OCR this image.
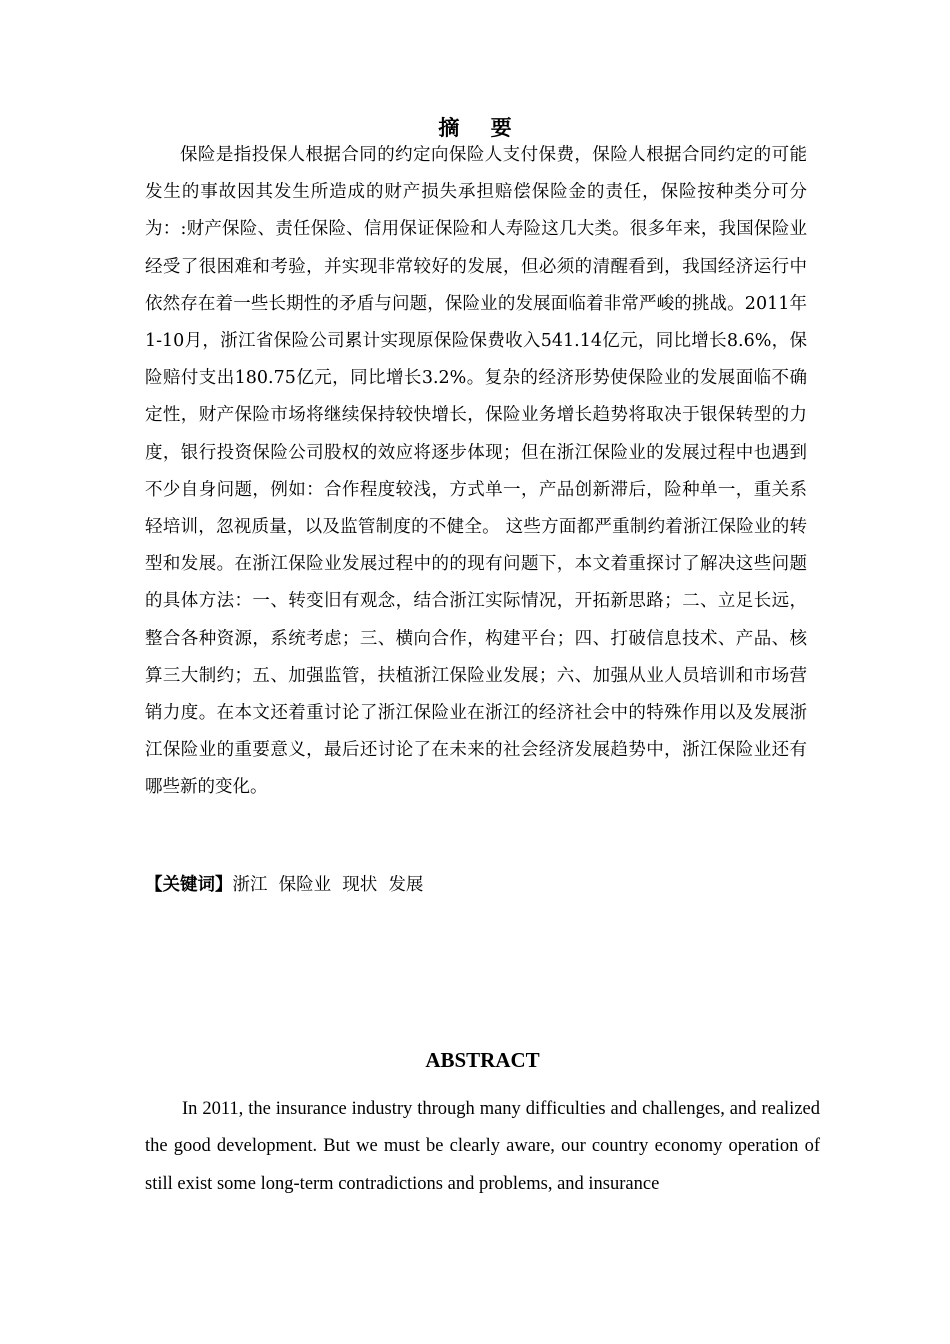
摘 要

保险是指投保人根据合同的约定向保险人支付保费，保险人根据合同约定的可能发生的事故因其发生所造成的财产损失承担赔偿保险金的责任，保险按种类分可分为：:财产保险、责任保险、信用保证保险和人寿险这几大类。很多年来，我国保险业经受了很困难和考验，并实现非常较好的发展，但必须的清醒看到，我国经济运行中依然存在着一些长期性的矛盾与问题，保险业的发展面临着非常严峻的挑战。2011年1-10月，浙江省保险公司累计实现原保险保费收入541.14亿元，同比增长8.6%，保险赔付支出180.75亿元，同比增长3.2%。复杂的经济形势使保险业的发展面临不确定性，财产保险市场将继续保持较快增长，保险业务增长趋势将取决于银保转型的力度，银行投资保险公司股权的效应将逐步体现；但在浙江保险业的发展过程中也遇到不少自身问题，例如：合作程度较浅，方式单一，产品创新滞后，险种单一，重关系轻培训，忽视质量，以及监管制度的不健全。 这些方面都严重制约着浙江保险业的转型和发展。在浙江保险业发展过程中的的现有问题下，本文着重探讨了解决这些问题的具体方法：一、转变旧有观念，结合浙江实际情况，开拓新思路；二、立足长远，整合各种资源，系统考虑；三、横向合作，构建平台；四、打破信息技术、产品、核算三大制约；五、加强监管，扶植浙江保险业发展；六、加强从业人员培训和市场营销力度。在本文还着重讨论了浙江保险业在浙江的经济社会中的特殊作用以及发展浙江保险业的重要意义，最后还讨论了在未来的社会经济发展趋势中，浙江保险业还有哪些新的变化。

【关键词】浙江  保险业  现状  发展
ABSTRACT

In 2011, the insurance industry through many difficulties and challenges, and realized the good development. But we must be clearly aware, our country economy operation of still exist some long-term contradictions and problems, and insurance
